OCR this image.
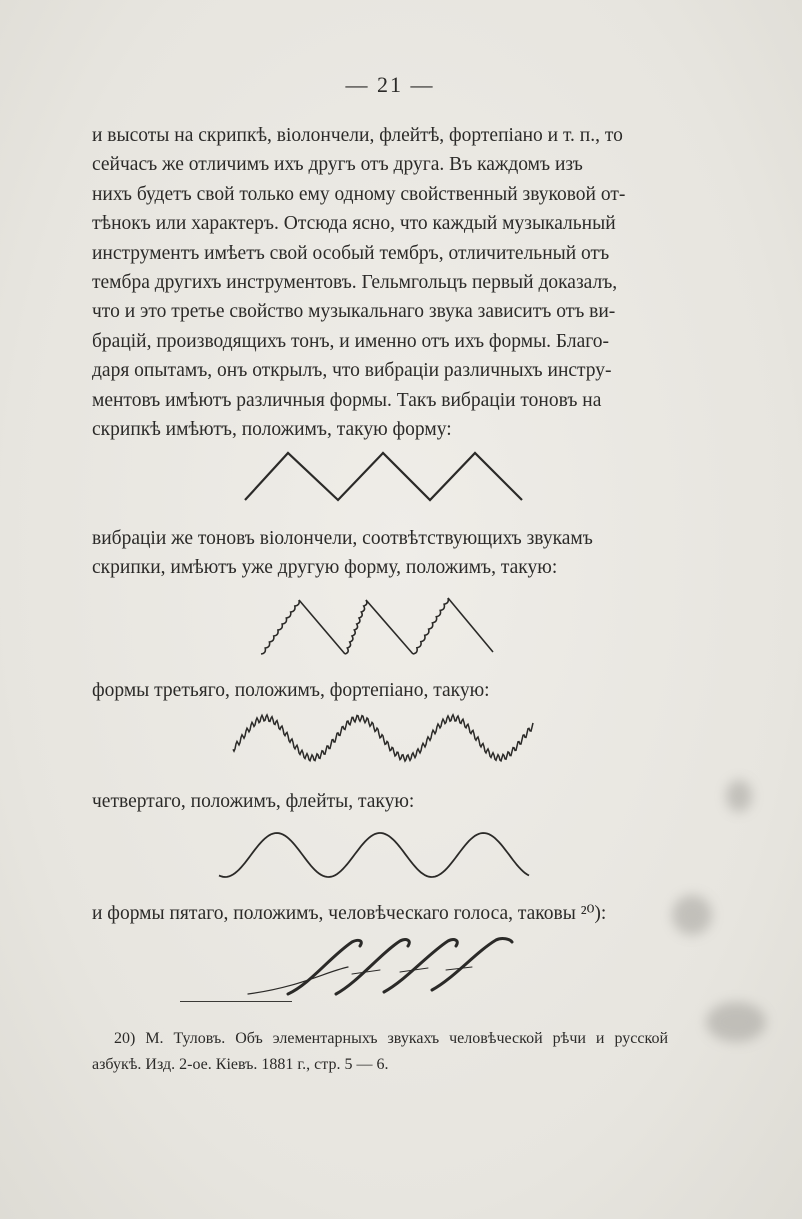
— 21 —
и высоты на скрипкѣ, віолончели, флейтѣ, фортепіано и т. п., то
сейчасъ же отличимъ ихъ другъ отъ друга. Въ каждомъ изъ
нихъ будетъ свой только ему одному свойственный звуковой от-
тѣнокъ или характеръ. Отсюда ясно, что каждый музыкальный
инструментъ имѣетъ свой особый тембръ, отличительный отъ
тембра другихъ инструментовъ. Гельмгольцъ первый доказалъ,
что и это третье свойство музыкальнаго звука зависитъ отъ ви-
брацій, производящихъ тонъ, и именно отъ ихъ формы. Благо-
даря опытамъ, онъ открылъ, что вибраціи различныхъ инстру-
ментовъ имѣютъ различныя формы. Такъ вибраціи тоновъ на
скрипкѣ имѣютъ, положимъ, такую форму:
вибраціи же тоновъ віолончели, соотвѣтствующихъ звукамъ
скрипки, имѣютъ уже другую форму, положимъ, такую:
формы третьяго, положимъ, фортепіано, такую:
четвертаго, положимъ, флейты, такую:
и формы пятаго, положимъ, человѣческаго голоса, таковы ²⁰):
20) М. Туловъ. Объ элементарныхъ звукахъ человѣческой рѣчи и русской
азбукѣ. Изд. 2-ое. Кіевъ. 1881 г., стр. 5 — 6.
